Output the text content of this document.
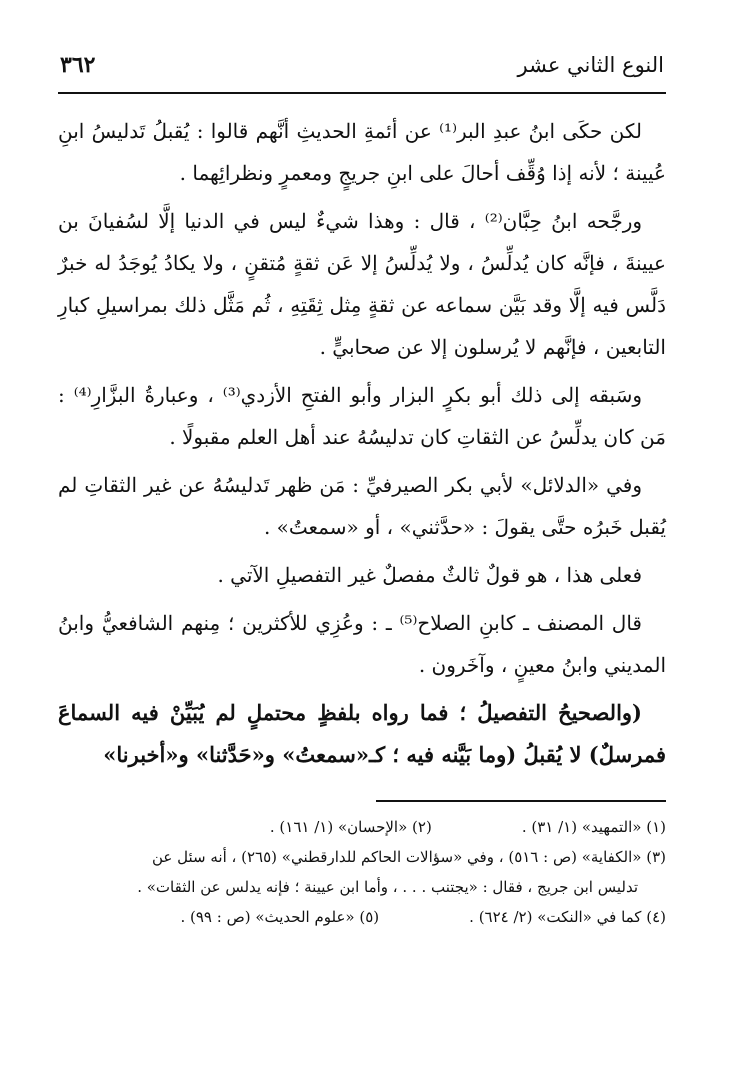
النوع الثاني عشر
٣٦٢

لكن حكَى ابنُ عبدِ البر⁽¹⁾ عن أئمةِ الحديثِ أنَّهم قالوا : يُقبلُ تَدليسُ ابنِ عُيينة ؛ لأنه إذا وُقِّف أحالَ على ابنِ جريجٍ ومعمرٍ ونظرائِهما .

ورجَّحه ابنُ حِبَّان⁽²⁾ ، قال : وهذا شيءٌ ليس في الدنيا إلَّا لسُفيانَ بن عيينةَ ، فإنَّه كان يُدلِّسُ ، ولا يُدلِّسُ إلا عَن ثقةٍ مُتقنٍ ، ولا يكادُ يُوجَدُ له خبرٌ دَلَّس فيه إلَّا وقد بَيَّن سماعه عن ثقةٍ مِثل ثِقَتِهِ ، ثُم مَثَّل ذلك بمراسيلِ كبارِ التابعين ، فإنَّهم لا يُرسلون إلا عن صحابيٍّ .

وسَبقه إلى ذلك أبو بكرٍ البزار وأبو الفتحِ الأزدي⁽³⁾ ، وعبارةُ البزَّارِ⁽⁴⁾ : مَن كان يدلِّسُ عن الثقاتِ كان تدليسُهُ عند أهل العلم مقبولًا .

وفي «الدلائل» لأبي بكر الصيرفيِّ : مَن ظهر تَدليسُهُ عن غير الثقاتِ لم يُقبل خَبرُه حتَّى يقولَ : «حدَّثني» ، أو «سمعتُ» .

فعلى هذا ، هو قولٌ ثالثٌ مفصلٌ غير التفصيلِ الآتي .

قال المصنف ـ كابنِ الصلاح⁽⁵⁾ ـ : وعُزِي للأكثرين ؛ مِنهم الشافعيُّ وابنُ المديني وابنُ معينٍ ، وآخَرون .

(والصحيحُ التفصيلُ ؛ فما رواه بلفظٍ محتملٍ لم يُبَيِّنْ فيه السماعَ فمرسلٌ) لا يُقبلُ (وما بَيَّنه فيه ؛ كـ«سمعتُ» و«حَدَّثنا» و«أخبرنا»

(١) «التمهيد» (١/ ٣١) .
(٢) «الإحسان» (١/ ١٦١) .

(٣) «الكفاية» (ص : ٥١٦) ، وفي «سؤالات الحاكم للدارقطني» (٢٦٥) ، أنه سئل عن

تدليس ابن جريج ، فقال : «يجتنب . . . ، وأما ابن عيينة ؛ فإنه يدلس عن الثقات» .

(٤) كما في «النكت» (٢/ ٦٢٤) .
(٥) «علوم الحديث» (ص : ٩٩) .
